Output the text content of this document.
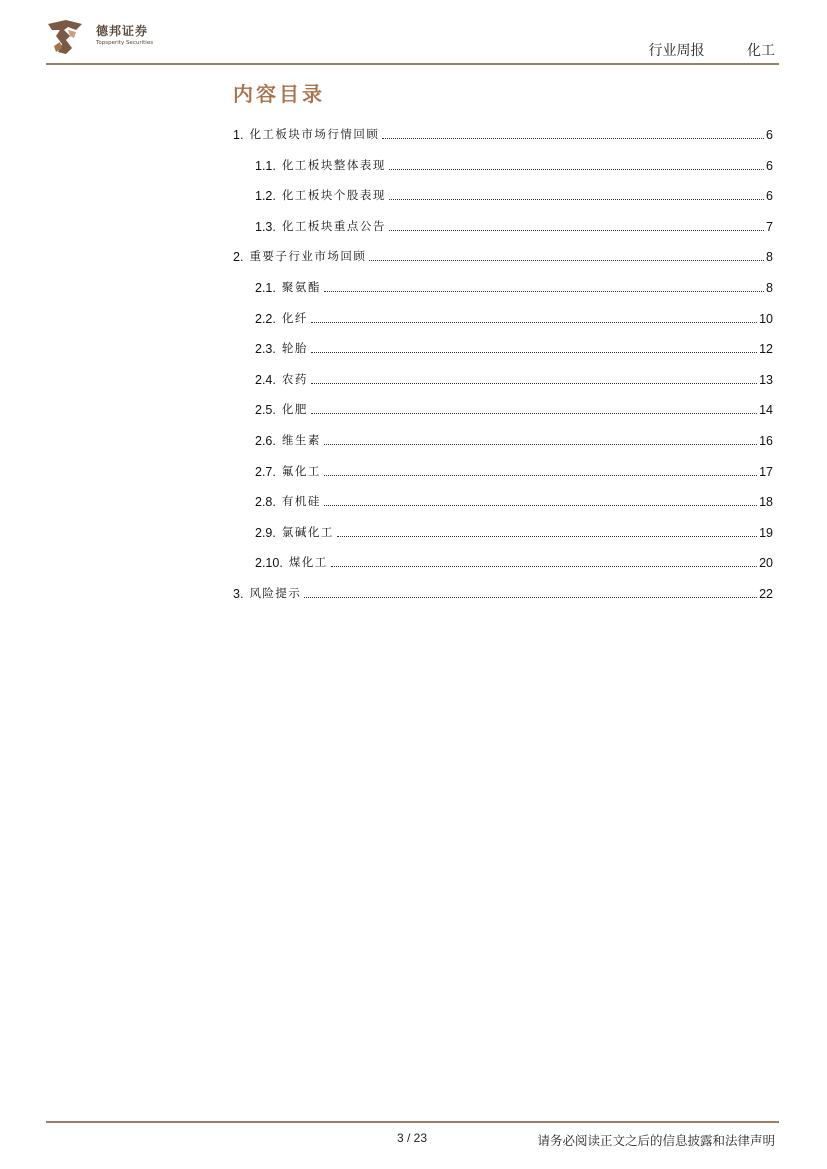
德邦证券
Topsperity Securities	行业周报	化工
内容目录
1. 化工板块市场行情回顾	6
1.1. 化工板块整体表现	6
1.2. 化工板块个股表现	6
1.3. 化工板块重点公告	7
2. 重要子行业市场回顾	8
2.1. 聚氨酯	8
2.2. 化纤	10
2.3. 轮胎	12
2.4. 农药	13
2.5. 化肥	14
2.6. 维生素	16
2.7. 氟化工	17
2.8. 有机硅	18
2.9. 氯碱化工	19
2.10. 煤化工	20
3. 风险提示	22
3 / 23	请务必阅读正文之后的信息披露和法律声明
